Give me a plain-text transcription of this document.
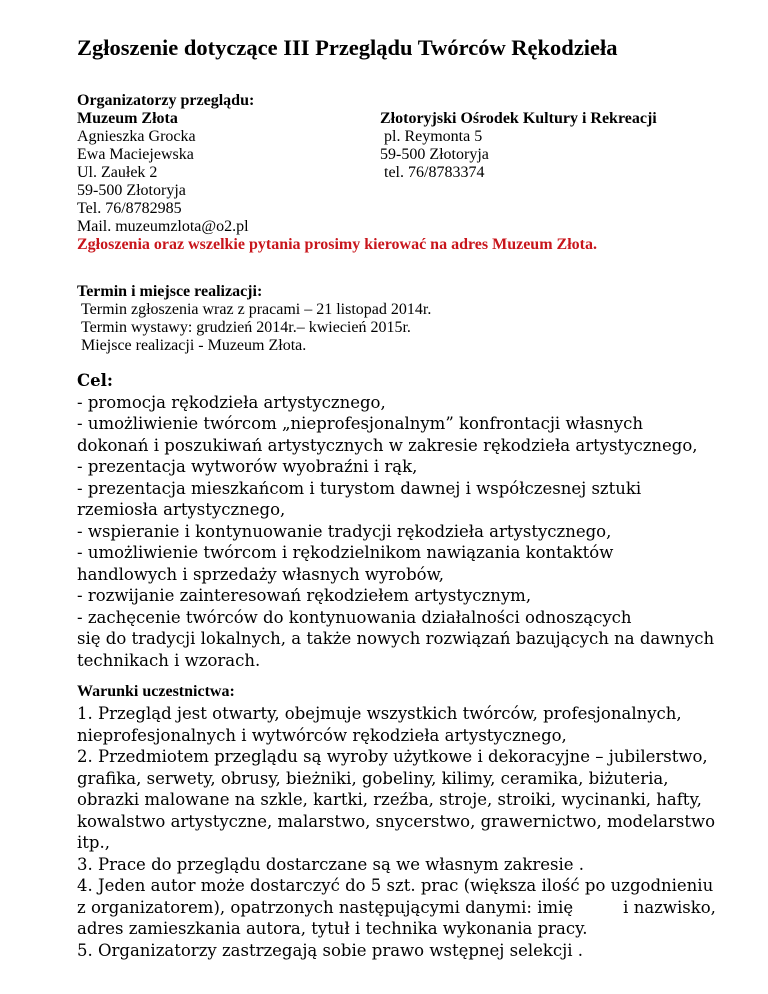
Zgłoszenie dotyczące III Przeglądu Twórców Rękodzieła
Organizatorzy przeglądu:
Muzeum Złota
Agnieszka Grocka
Ewa Maciejewska
Ul. Zaułek 2
59-500 Złotoryja
Tel. 76/8782985
Mail. muzeumzlota@o2.pl
Zgłoszenia oraz wszelkie pytania prosimy kierować na adres Muzeum Złota.
Złotoryjski Ośrodek Kultury i Rekreacji
pl. Reymonta 5
59-500 Złotoryja
tel. 76/8783374
Termin i miejsce realizacji:
Termin zgłoszenia wraz z pracami – 21 listopad 2014r.
Termin wystawy: grudzień 2014r.– kwiecień 2015r.
Miejsce realizacji - Muzeum Złota.
Cel:
- promocja rękodzieła artystycznego,
- umożliwienie twórcom „nieprofesjonalnym” konfrontacji własnych
dokonań i poszukiwań artystycznych w zakresie rękodzieła artystycznego,
- prezentacja wytworów wyobraźni i rąk,
- prezentacja mieszkańcom i turystom dawnej i współczesnej sztuki
rzemiosła artystycznego,
- wspieranie i kontynuowanie tradycji rękodzieła artystycznego,
- umożliwienie twórcom i rękodzielnikom nawiązania kontaktów
handlowych i sprzedaży własnych wyrobów,
- rozwijanie zainteresowań rękodziełem artystycznym,
- zachęcenie twórców do kontynuowania działalności odnoszących
się do tradycji lokalnych, a także nowych rozwiązań bazujących na dawnych
technikach i wzorach.
Warunki uczestnictwa:
1. Przegląd jest otwarty, obejmuje wszystkich twórców, profesjonalnych,
nieprofesjonalnych i wytwórców rękodzieła artystycznego,
2. Przedmiotem przeglądu są wyroby użytkowe i dekoracyjne – jubilerstwo,
grafika, serwety, obrusy, bieżniki, gobeliny, kilimy, ceramika, biżuteria,
obrazki malowane na szkle, kartki, rzeźba, stroje, stroiki, wycinanki, hafty,
kowalstwo artystyczne, malarstwo, snycerstwo, grawernictwo, modelarstwo
itp.,
3. Prace do przeglądu dostarczane są we własnym zakresie .
4. Jeden autor może dostarczyć do 5 szt. prac (większa ilość po uzgodnieniu
z organizatorem), opatrzonych następującymi danymi: imię	i nazwisko,
adres zamieszkania autora, tytuł i technika wykonania pracy.
5. Organizatorzy zastrzegają sobie prawo wstępnej selekcji .
